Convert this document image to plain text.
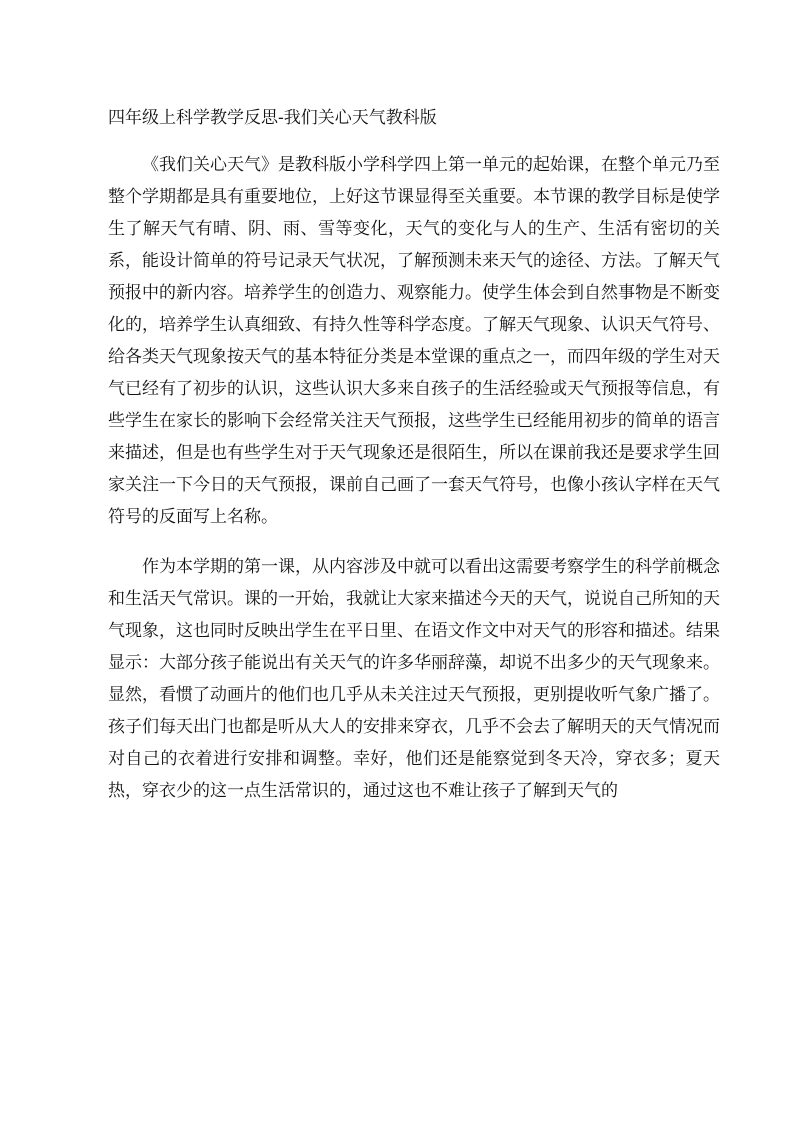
四年级上科学教学反思-我们关心天气教科版

《我们关心天气》是教科版小学科学四上第一单元的起始课，在整个单元乃至整个学期都是具有重要地位，上好这节课显得至关重要。本节课的教学目标是使学生了解天气有晴、阴、雨、雪等变化，天气的变化与人的生产、生活有密切的关系，能设计简单的符号记录天气状况，了解预测未来天气的途径、方法。了解天气预报中的新内容。培养学生的创造力、观察能力。使学生体会到自然事物是不断变化的，培养学生认真细致、有持久性等科学态度。了解天气现象、认识天气符号、给各类天气现象按天气的基本特征分类是本堂课的重点之一，而四年级的学生对天气已经有了初步的认识，这些认识大多来自孩子的生活经验或天气预报等信息，有些学生在家长的影响下会经常关注天气预报，这些学生已经能用初步的简单的语言来描述，但是也有些学生对于天气现象还是很陌生，所以在课前我还是要求学生回家关注一下今日的天气预报，课前自己画了一套天气符号，也像小孩认字样在天气符号的反面写上名称。

作为本学期的第一课，从内容涉及中就可以看出这需要考察学生的科学前概念和生活天气常识。课的一开始，我就让大家来描述今天的天气，说说自己所知的天气现象，这也同时反映出学生在平日里、在语文作文中对天气的形容和描述。结果显示：大部分孩子能说出有关天气的许多华丽辞藻，却说不出多少的天气现象来。显然，看惯了动画片的他们也几乎从未关注过天气预报，更别提收听气象广播了。孩子们每天出门也都是听从大人的安排来穿衣，几乎不会去了解明天的天气情况而对自己的衣着进行安排和调整。幸好，他们还是能察觉到冬天冷，穿衣多；夏天热，穿衣少的这一点生活常识的，通过这也不难让孩子了解到天气的
